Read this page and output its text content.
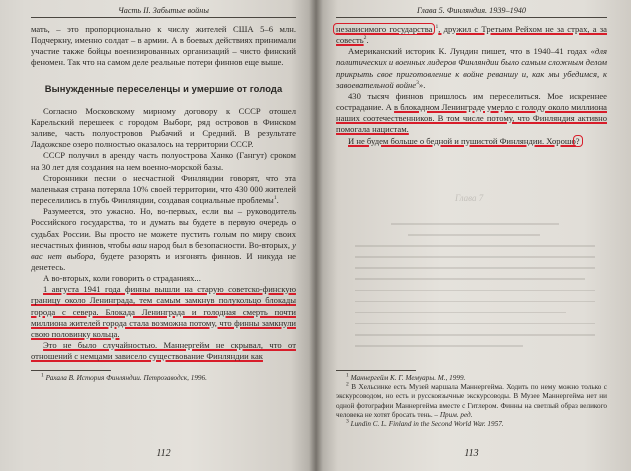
Часть II. Забытые войны

мать, – это пропорционально к числу жителей США 5–6 млн. Подчеркну, именно солдат – в армии. А в боевых действиях принимали участие также бойцы военизированных организаций – чисто финский феномен. Так что на самом деле реальные потери финнов еще выше.

Вынужденные переселенцы и умершие от голода

Согласно Московскому мирному договору к СССР отошел Карельский перешеек с городом Выборг, ряд островов в Финском заливе, часть полуостровов Рыбачий и Средний. В результате Ладожское озеро полностью оказалось на территории СССР.

СССР получил в аренду часть полуострова Ханко (Гангут) сроком на 30 лет для создания на нем военно-морской базы.

Сторонники песни о несчастной Финляндии говорят, что эта маленькая страна потеряла 10% своей территории, что 430 000 жителей переселились в глубь Финляндии, создавая социальные проблемы$^1$.

Разумеется, это ужасно. Но, во-первых, если вы – руководитель Российского государства, то и думать вы будете в первую очередь о судьбах России. Вы просто не можете пустить голым по миру своих несчастных финнов, чтобы ваш народ был в безопасности. Во-вторых, у вас нет выбора, будете разорять и изгонять финнов. И никуда не денетесь.

А во-вторых, коли говорить о страданиях...

1 августа 1941 года финны вышли на старую советско-финскую границу около Ленинграда, тем самым замкнув полукольцо блокады города с севера. Блокада Ленинграда и голодная смерть почти миллиона жителей города стала возможна потому, что финны замкнули свою половинку кольца.

Это не было случайностью. Маннергейм не скрывал, что от отношений с немцами зависело существование Финляндии как

$^1$ Рахала В. История Финляндии. Петрозаводск, 1996.

112
Глава 5. Финляндия. 1939–1940

независимого государства $^1$, дружил с Третьим Рейхом не за страх, а за совесть$^2$.

Американский историк К. Лундин пишет, что в 1940–41 годах «для политических и военных лидеров Финляндии было самым сложным делом прикрыть свое приготовление к войне реваншу и, как мы убедимся, к завоевательной войне$^3$».

430 тысяч финнов пришлось им переселиться. Мое искреннее сострадание. А в блокадном Ленинграде умерло с голоду около миллиона наших соотечественников. В том числе потому, что Финляндия активно помогала нацистам.

И не будем больше о бедной и пушистой Финляндии. Хорошо?

$^1$ Маннергейм К. Г. Мемуары. М., 1999.

$^2$ В Хельсинке есть Музей маршала Маннергейма. Ходить по нему можно только с экскурсоводом, но есть и русскоязычные экскурсоводы. В Музее Маннергейма нет ни одной фотографии Маннергейма вместе с Гитлером. Финны на светлый образ великого человека не хотят бросать тень. – Прим. ред.

$^3$ Lundin C. L. Finland in the Second World War. 1957.

113
